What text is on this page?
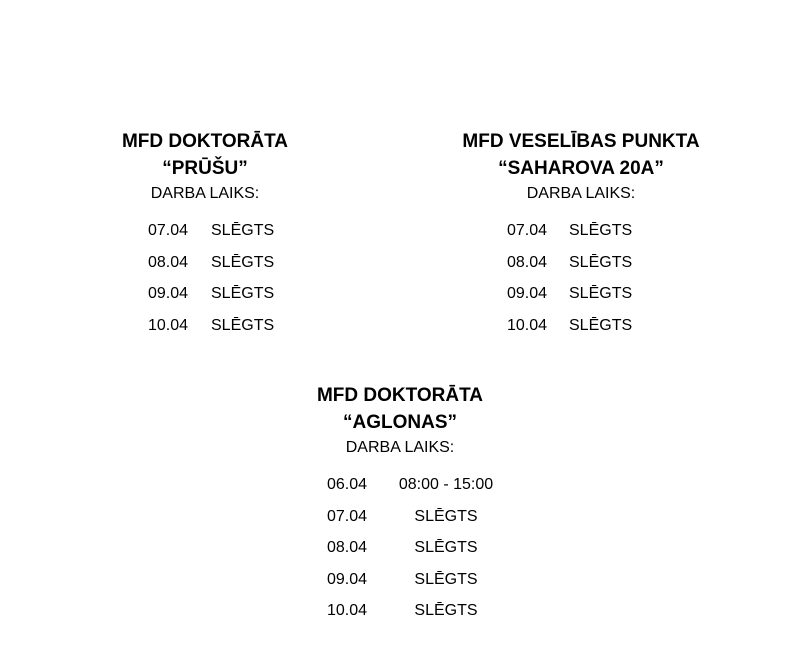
MFD DOKTORĀTA

“PRŪŠU”

DARBA LAIKS:

07.04	SLĒGTS
08.04	SLĒGTS
09.04	SLĒGTS
10.04	SLĒGTS

MFD VESELĪBAS PUNKTA

“SAHAROVA 20A”

DARBA LAIKS:

07.04 SLĒGTS
08.04 SLĒGTS
09.04 SLĒGTS
10.04 SLĒGTS

MFD DOKTORĀTA

“AGLONAS”

DARBA LAIKS:

06.04	08:00 - 15:00
07.04	SLĒGTS
08.04	SLĒGTS
09.04	SLĒGTS
10.04	SLĒGTS
